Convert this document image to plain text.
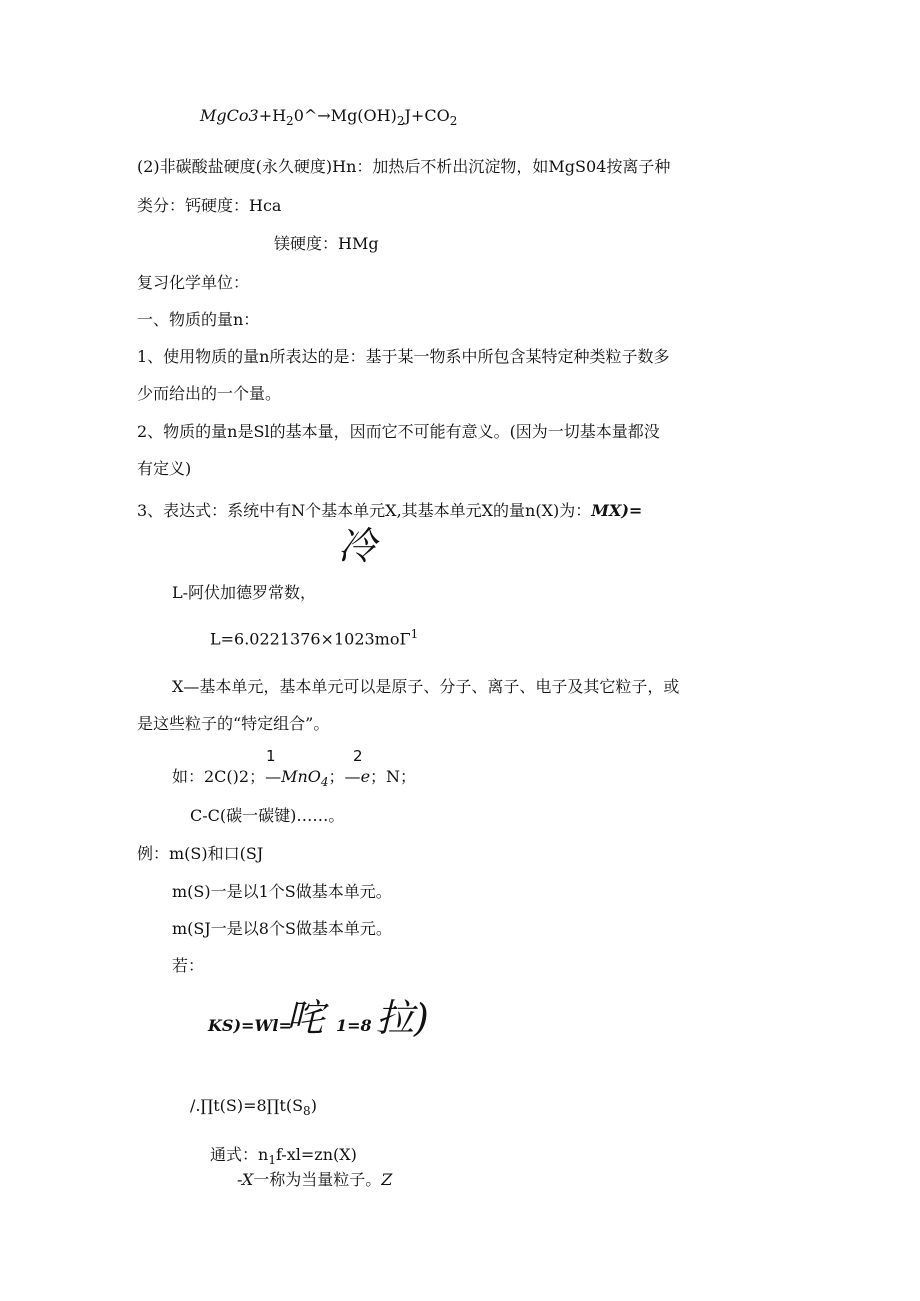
$MgCo3+H_20\^{}\to Mg(OH)_2J+CO_2$
(2)非碳酸盐硬度(永久硬度)Hn：加热后不析出沉淀物，如MgS04按离子种
类分：钙硬度：Hca
镁硬度：HMg
复习化学单位：
一、物质的量n：
1、使用物质的量n所表达的是：基于某一物系中所包含某特定种类粒子数多
少而给出的一个量。
2、物质的量n是Sl的基本量，因而它不可能有意义。(因为一切基本量都没
有定义)
3、表达式：系统中有N个基本单元X,其基本单元X的量n(X)为：MX)=
冷
L-阿伏加德罗常数，
L=6.0221376×1023moΓ$^1$
X—基本单元，基本单元可以是原子、分子、离子、电子及其它粒子，或
是这些粒子的“特定组合”。
1	2
如：2C()2；—MnO$_4$；—e；N；
C-C(碳一碳键)……。
例：m(S)和口(SJ
m(S)一是以1个S做基本单元。
m(SJ一是以8个S做基本单元。
若：
KS)=Wl=
咤 1=8 拉)
$/.\prod t(S)=8\prod t(S_8)$
通式：$n_1f-xl=zn(X)$
-X一称为当量粒子。Z
